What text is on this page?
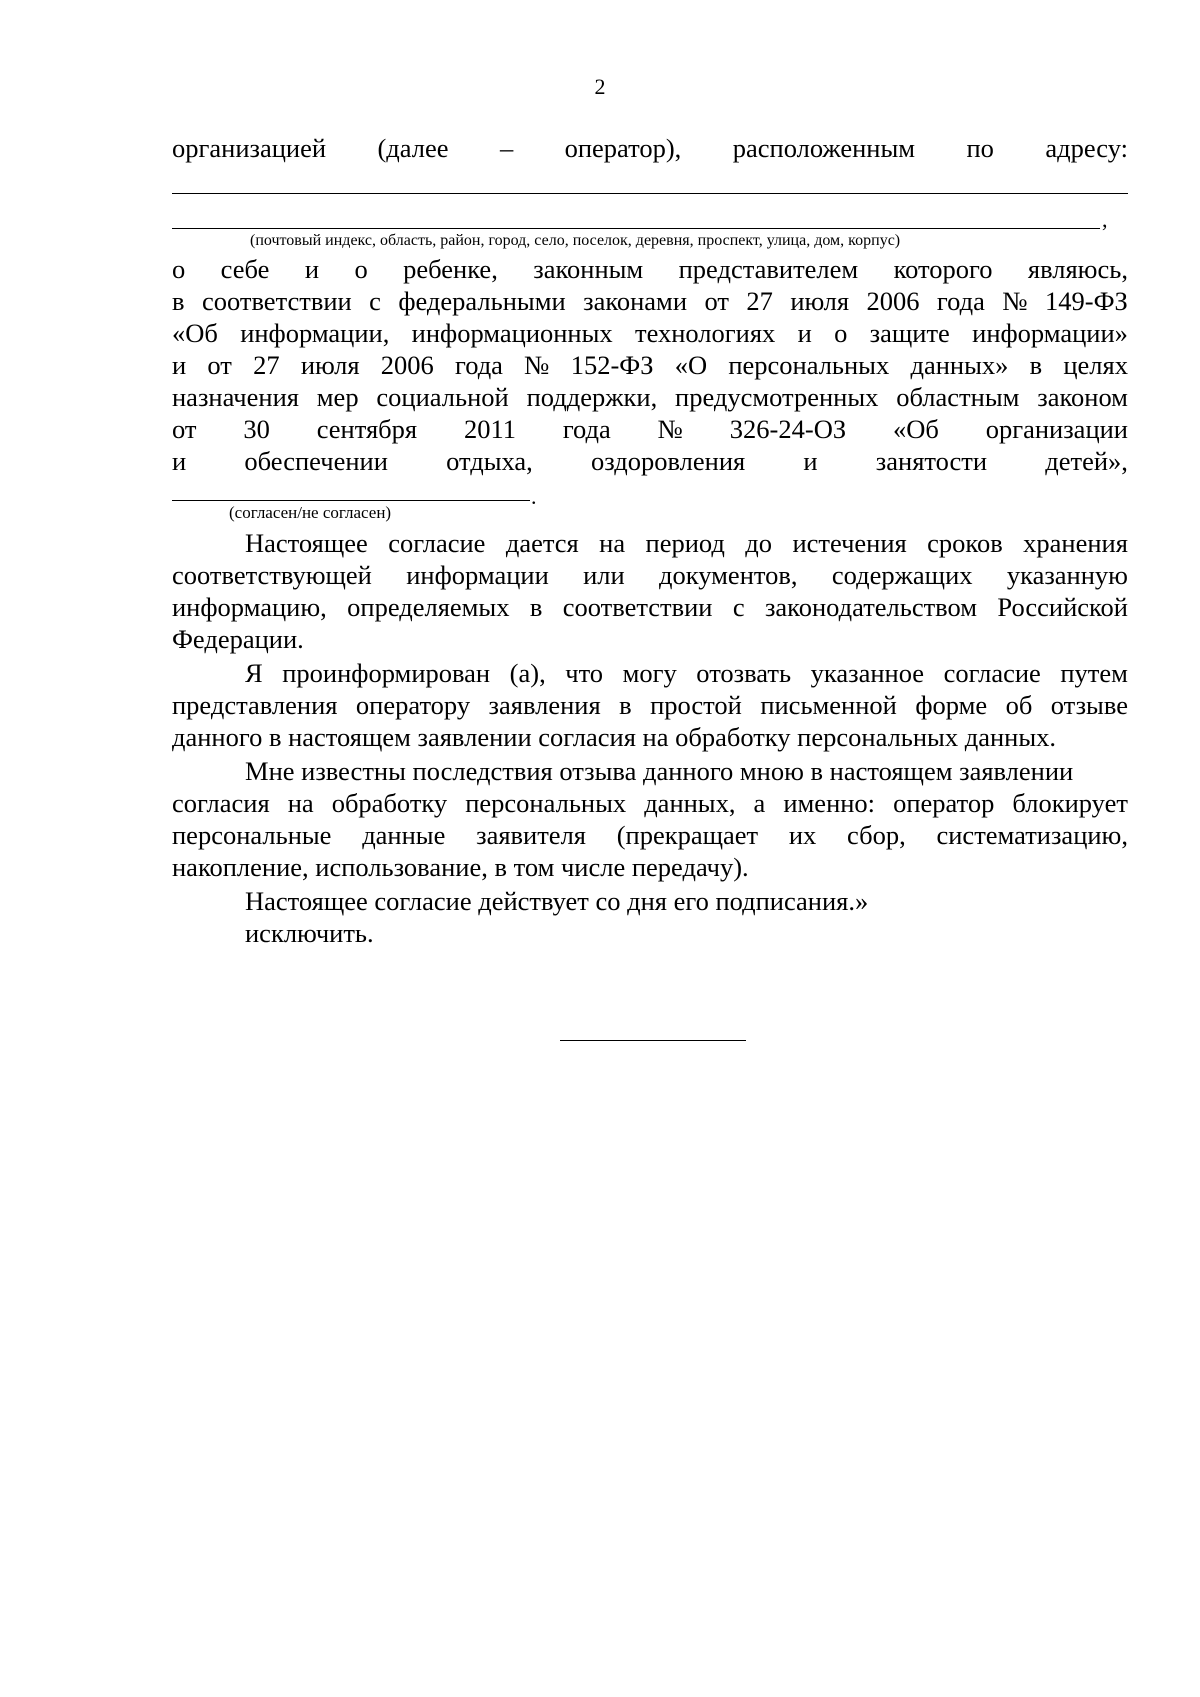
2
организацией (далее – оператор), расположенным по адресу:
,
(почтовый индекс, область, район, город, село, поселок, деревня, проспект, улица, дом, корпус)
о себе и о ребенке, законным представителем которого являюсь,
в соответствии с федеральными законами от 27 июля 2006 года № 149-ФЗ
«Об информации, информационных технологиях и о защите информации»
и от 27 июля 2006 года № 152-ФЗ «О персональных данных» в целях
назначения мер социальной поддержки, предусмотренных областным законом
от 30 сентября 2011 года № 326-24-ОЗ «Об организации
и обеспечении отдыха, оздоровления и занятости детей»,
.
(согласен/не согласен)
Настоящее согласие дается на период до истечения сроков хранения
соответствующей информации или документов, содержащих указанную
информацию, определяемых в соответствии с законодательством Российской
Федерации.
Я проинформирован (а), что могу отозвать указанное согласие путем
представления оператору заявления в простой письменной форме об отзыве
данного в настоящем заявлении согласия на обработку персональных данных.
Мне известны последствия отзыва данного мною в настоящем заявлении
согласия на обработку персональных данных, а именно: оператор блокирует
персональные данные заявителя (прекращает их сбор, систематизацию,
накопление, использование, в том числе передачу).
Настоящее согласие действует со дня его подписания.»
исключить.
